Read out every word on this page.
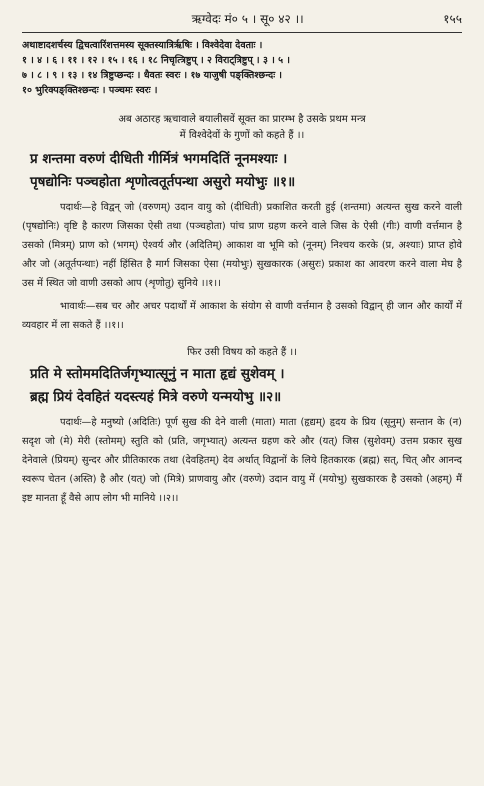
ऋग्वेदः मं० ५ । सू० ४२ ।।	१५५

अथाष्टादशर्चस्य द्विचत्वारिंशत्तमस्य सूक्तस्यात्रिर्ऋषिः । विश्वेदेवा देवताः ।

१ । ४ । ६ । ११ । १२ । १५ । १६ । १८ निचृत्त्रिष्टुप् । २ विराट्त्रिष्टुप् । ३ । ५ ।

७ । ८ । ९ । १३ । १४ त्रिष्टुप्छन्दः । धैवतः स्वरः । १७ याजुषी पङ्क्तिश्छन्दः ।

१० भुरिक्पङ्क्तिश्छन्दः । पञ्चमः स्वरः ।

अब अठारह ऋचावाले बयालीसवें सूक्त का प्रारम्भ है उसके प्रथम मन्त्र
में विश्वेदेवों के गुणों को कहते हैं ।।

प्र शन्तमा वरुणं दीधिती गीर्मित्रं भगमदितिं नूनमश्याः ।

पृषद्योनिः पञ्चहोता शृणोत्वतूर्तपन्था असुरो मयोभुः ॥१॥

पदार्थः—हे विद्वन् जो (वरुणम्) उदान वायु को (दीधिती) प्रकाशित करती हुई (शन्तमा) अत्यन्त सुख करने वाली (पृषद्योनिः) वृष्टि है कारण जिसका ऐसी तथा (पञ्चहोता) पांच प्राण ग्रहण करने वाले जिस के ऐसी (गीः) वाणी वर्त्तमान है उसको (मित्रम्) प्राण को (भगम्) ऐश्वर्य और (अदितिम्) आकाश वा भूमि को (नूनम्) निश्चय करके (प्र, अश्याः) प्राप्त होवे और जो (अतूर्तपन्थाः) नहीं हिंसित है मार्ग जिसका ऐसा (मयोभुः) सुखकारक (असुरः) प्रकाश का आवरण करने वाला मेघ है उस में स्थित जो वाणी उसको आप (शृणोतु) सुनिये ।।१।।

भावार्थः—सब चर और अचर पदार्थों में आकाश के संयोग से वाणी वर्त्तमान है उसको विद्वान् ही जान और कार्यों में व्यवहार में ला सकते हैं ।।१।।

फिर उसी विषय को कहते हैं ।।

प्रति मे स्तोममदितिर्जगृभ्यात्सूनुं न माता हृद्यं सुशेवम् ।

ब्रह्म प्रियं देवहितं यदस्त्यहं मित्रे वरुणे यन्मयोभु ॥२॥

पदार्थः—हे मनुष्यो (अदितिः) पूर्ण सुख की देने वाली (माता) माता (हृद्यम्) हृदय के प्रिय (सूनुम्) सन्तान के (न) सदृश जो (मे) मेरी (स्तोमम्) स्तुति को (प्रति, जगृभ्यात्) अत्यन्त ग्रहण करे और (यत्) जिस (सुशेवम्) उत्तम प्रकार सुख देनेवाले (प्रियम्) सुन्दर और प्रीतिकारक तथा (देवहितम्) देव अर्थात् विद्वानों के लिये हितकारक (ब्रह्म) सत्, चित् और आनन्द स्वरूप चेतन (अस्ति) है और (यत्) जो (मित्रे) प्राणवायु और (वरुणे) उदान वायु में (मयोभु) सुखकारक है उसको (अहम्) मैं इष्ट मानता हूँ वैसे आप लोग भी मानिये ।।२।।
